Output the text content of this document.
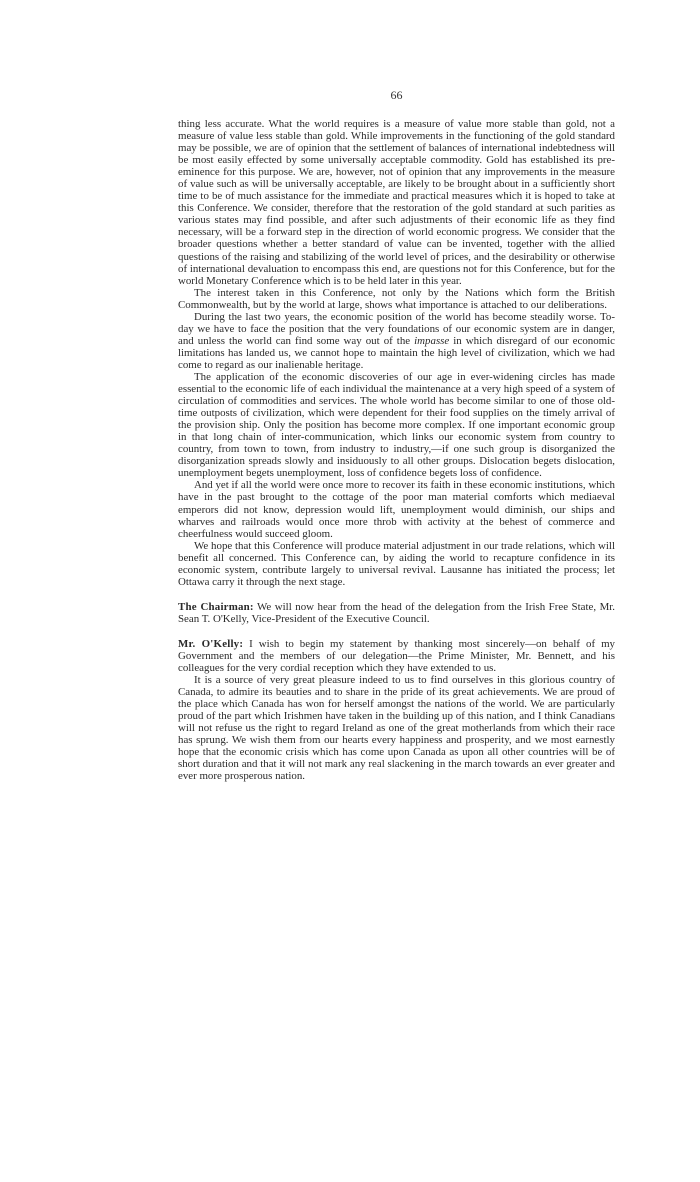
66

thing less accurate. What the world requires is a measure of value more stable than gold, not a measure of value less stable than gold. While improvements in the functioning of the gold standard may be possible, we are of opinion that the settlement of balances of international indebtedness will be most easily effected by some universally acceptable commodity. Gold has established its pre-eminence for this purpose. We are, however, not of opinion that any improvements in the measure of value such as will be universally acceptable, are likely to be brought about in a sufficiently short time to be of much assistance for the immediate and practical measures which it is hoped to take at this Conference. We consider, therefore that the restoration of the gold standard at such parities as various states may find possible, and after such adjustments of their economic life as they find necessary, will be a forward step in the direction of world economic progress. We consider that the broader questions whether a better standard of value can be invented, together with the allied questions of the raising and stabilizing of the world level of prices, and the desirability or otherwise of international devaluation to encompass this end, are questions not for this Conference, but for the world Monetary Conference which is to be held later in this year.

The interest taken in this Conference, not only by the Nations which form the British Commonwealth, but by the world at large, shows what importance is attached to our deliberations.

During the last two years, the economic position of the world has become steadily worse. To-day we have to face the position that the very foundations of our economic system are in danger, and unless the world can find some way out of the impasse in which disregard of our economic limitations has landed us, we cannot hope to maintain the high level of civilization, which we had come to regard as our inalienable heritage.

The application of the economic discoveries of our age in ever-widening circles has made essential to the economic life of each individual the maintenance at a very high speed of a system of circulation of commodities and services. The whole world has become similar to one of those old-time outposts of civilization, which were dependent for their food supplies on the timely arrival of the provision ship. Only the position has become more complex. If one important economic group in that long chain of inter-communication, which links our economic system from country to country, from town to town, from industry to industry,—if one such group is disorganized the disorganization spreads slowly and insiduously to all other groups. Dislocation begets dislocation, unemployment begets unemployment, loss of confidence begets loss of confidence.

And yet if all the world were once more to recover its faith in these economic institutions, which have in the past brought to the cottage of the poor man material comforts which mediaeval emperors did not know, depression would lift, unemployment would diminish, our ships and wharves and railroads would once more throb with activity at the behest of commerce and cheerfulness would succeed gloom.

We hope that this Conference will produce material adjustment in our trade relations, which will benefit all concerned. This Conference can, by aiding the world to recapture confidence in its economic system, contribute largely to universal revival. Lausanne has initiated the process; let Ottawa carry it through the next stage.

The Chairman: We will now hear from the head of the delegation from the Irish Free State, Mr. Sean T. O'Kelly, Vice-President of the Executive Council.

Mr. O'Kelly: I wish to begin my statement by thanking most sincerely—on behalf of my Government and the members of our delegation—the Prime Minister, Mr. Bennett, and his colleagues for the very cordial reception which they have extended to us.

It is a source of very great pleasure indeed to us to find ourselves in this glorious country of Canada, to admire its beauties and to share in the pride of its great achievements. We are proud of the place which Canada has won for herself amongst the nations of the world. We are particularly proud of the part which Irishmen have taken in the building up of this nation, and I think Canadians will not refuse us the right to regard Ireland as one of the great motherlands from which their race has sprung. We wish them from our hearts every happiness and prosperity, and we most earnestly hope that the economic crisis which has come upon Canada as upon all other countries will be of short duration and that it will not mark any real slackening in the march towards an ever greater and ever more prosperous nation.
